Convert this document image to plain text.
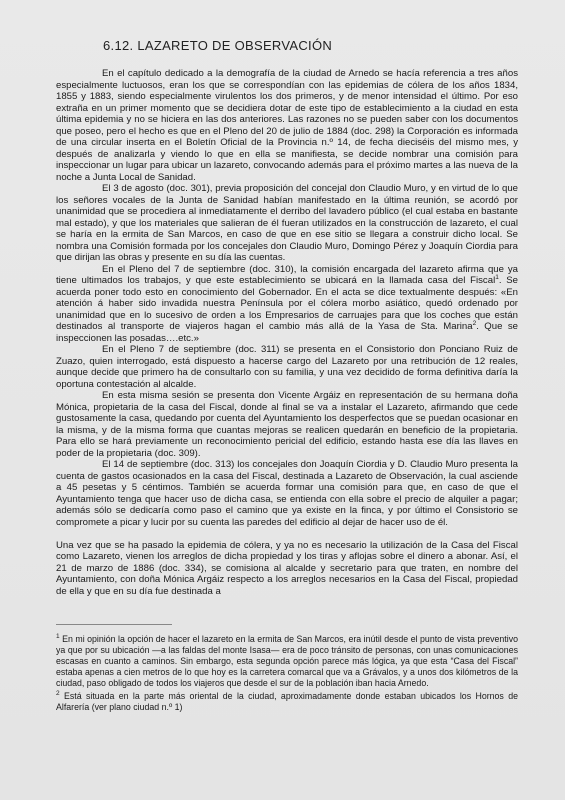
6.12. LAZARETO DE OBSERVACIÓN

En el capítulo dedicado a la demografía de la ciudad de Arnedo se hacía referencia a tres años especialmente luctuosos, eran los que se correspondían con las epidemias de cólera de los años 1834, 1855 y 1883, siendo especialmente virulentos los dos primeros, y de menor intensidad el último. Por eso extraña en un primer momento que se decidiera dotar de este tipo de establecimiento a la ciudad en esta última epidemia y no se hiciera en las dos anteriores. Las razones no se pueden saber con los documentos que poseo, pero el hecho es que en el Pleno del 20 de julio de 1884 (doc. 298) la Corporación es informada de una circular inserta en el Boletín Oficial de la Provincia n.º 14, de fecha dieciséis del mismo mes, y después de analizarla y viendo lo que en ella se manifiesta, se decide nombrar una comisión para inspeccionar un lugar para ubicar un lazareto, convocando además para el próximo martes a las nueva de la noche a Junta Local de Sanidad.

El 3 de agosto (doc. 301), previa proposición del concejal don Claudio Muro, y en virtud de lo que los señores vocales de la Junta de Sanidad habían manifestado en la última reunión, se acordó por unanimidad que se procediera al inmediatamente el derribo del lavadero público (el cual estaba en bastante mal estado), y que los materiales que salieran de él fueran utilizados en la construcción de lazareto, el cual se haría en la ermita de San Marcos, en caso de que en ese sitio se llegara a construir dicho local. Se nombra una Comisión formada por los concejales don Claudio Muro, Domingo Pérez y Joaquín Ciordia para que dirijan las obras y presente en su día las cuentas.

En el Pleno del 7 de septiembre (doc. 310), la comisión encargada del lazareto afirma que ya tiene ultimados los trabajos, y que este establecimiento se ubicará en la llamada casa del Fiscal$^1$. Se acuerda poner todo esto en conocimiento del Gobernador. En el acta se dice textualmente después: «En atención á haber sido invadida nuestra Península por el cólera morbo asiático, quedó ordenado por unanimidad que en lo sucesivo de orden a los Empresarios de carruajes para que los coches que están destinados al transporte de viajeros hagan el cambio más allá de la Yasa de Sta. Marina$^2$. Que se inspeccionen las posadas….etc.»

En el Pleno 7 de septiembre (doc. 311) se presenta en el Consistorio don Ponciano Ruiz de Zuazo, quien interrogado, está dispuesto a hacerse cargo del Lazareto por una retribución de 12 reales, aunque decide que primero ha de consultarlo con su familia, y una vez decidido de forma definitiva daría la oportuna contestación al alcalde.

En esta misma sesión se presenta don Vicente Argáiz en representación de su hermana doña Mónica, propietaria de la casa del Fiscal, donde al final se va a instalar el Lazareto, afirmando que cede gustosamente la casa, quedando por cuenta del Ayuntamiento los desperfectos que se puedan ocasionar en la misma, y de la misma forma que cuantas mejoras se realicen quedarán en beneficio de la propietaria. Para ello se hará previamente un reconocimiento pericial del edificio, estando hasta ese día las llaves en poder de la propietaria (doc. 309).

El 14 de septiembre (doc. 313) los concejales don Joaquín Ciordia y D. Claudio Muro presenta la cuenta de gastos ocasionados en la casa del Fiscal, destinada a Lazareto de Observación, la cual asciende a 45 pesetas y 5 céntimos. También se acuerda formar una comisión para que, en caso de que el Ayuntamiento tenga que hacer uso de dicha casa, se entienda con ella sobre el precio de alquiler a pagar; además sólo se dedicaría como paso el camino que ya existe en la finca, y por último el Consistorio se compromete a picar y lucir por su cuenta las paredes del edificio al dejar de hacer uso de él.

Una vez que se ha pasado la epidemia de cólera, y ya no es necesario la utilización de la Casa del Fiscal como Lazareto, vienen los arreglos de dicha propiedad y los tiras y aflojas sobre el dinero a abonar. Así, el 21 de marzo de 1886 (doc. 334), se comisiona al alcalde y secretario para que traten, en nombre del Ayuntamiento, con doña Mónica Argáiz respecto a los arreglos necesarios en la Casa del Fiscal, propiedad de ella y que en su día fue destinada a

$^1$ En mi opinión la opción de hacer el lazareto en la ermita de San Marcos, era inútil desde el punto de vista preventivo ya que por su ubicación —a las faldas del monte Isasa— era de poco tránsito de personas, con unas comunicaciones escasas en cuanto a caminos. Sin embargo, esta segunda opción parece más lógica, ya que esta “Casa del Fiscal” estaba apenas a cien metros de lo que hoy es la carretera comarcal que va a Grávalos, y a unos dos kilómetros de la ciudad, paso obligado de todos los viajeros que desde el sur de la población iban hacia Arnedo.

$^2$ Está situada en la parte más oriental de la ciudad, aproximadamente donde estaban ubicados los Hornos de Alfarería (ver plano ciudad n.º 1)
